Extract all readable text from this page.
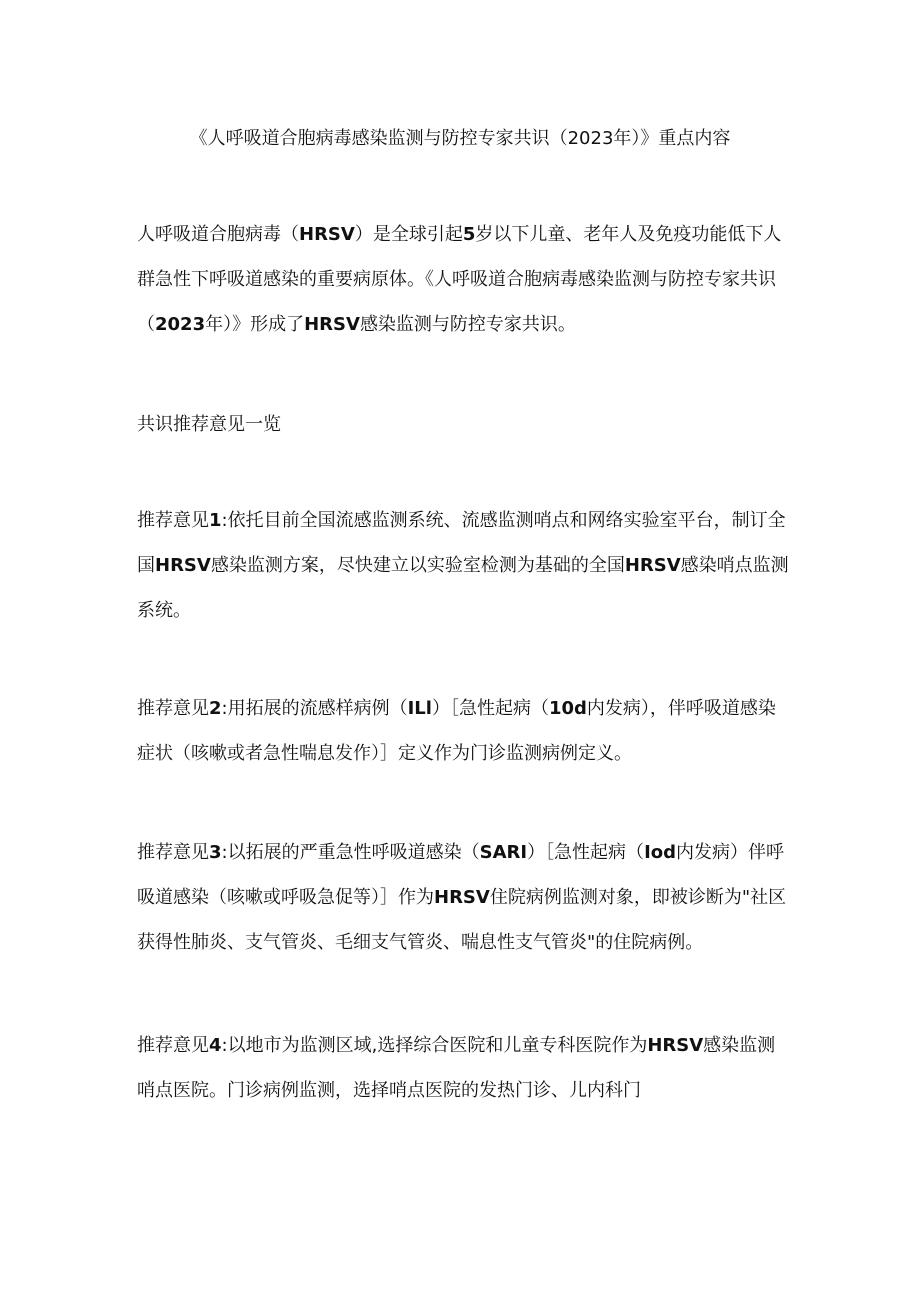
《人呼吸道合胞病毒感染监测与防控专家共识（2023年）》重点内容

人呼吸道合胞病毒（HRSV）是全球引起5岁以下儿童、老年人及免疫功能低下人群急性下呼吸道感染的重要病原体。《人呼吸道合胞病毒感染监测与防控专家共识（2023年）》形成了HRSV感染监测与防控专家共识。

共识推荐意见一览

推荐意见1:依托目前全国流感监测系统、流感监测哨点和网络实验室平台，制订全国HRSV感染监测方案，尽快建立以实验室检测为基础的全国HRSV感染哨点监测系统。

推荐意见2:用拓展的流感样病例（ILl）［急性起病（10d内发病），伴呼吸道感染症状（咳嗽或者急性喘息发作）］定义作为门诊监测病例定义。

推荐意见3:以拓展的严重急性呼吸道感染（SARI）［急性起病（Iod内发病）伴呼吸道感染（咳嗽或呼吸急促等）］作为HRSV住院病例监测对象，即被诊断为"社区获得性肺炎、支气管炎、毛细支气管炎、喘息性支气管炎"的住院病例。

推荐意见4:以地市为监测区域,选择综合医院和儿童专科医院作为HRSV感染监测哨点医院。门诊病例监测，选择哨点医院的发热门诊、儿内科门
